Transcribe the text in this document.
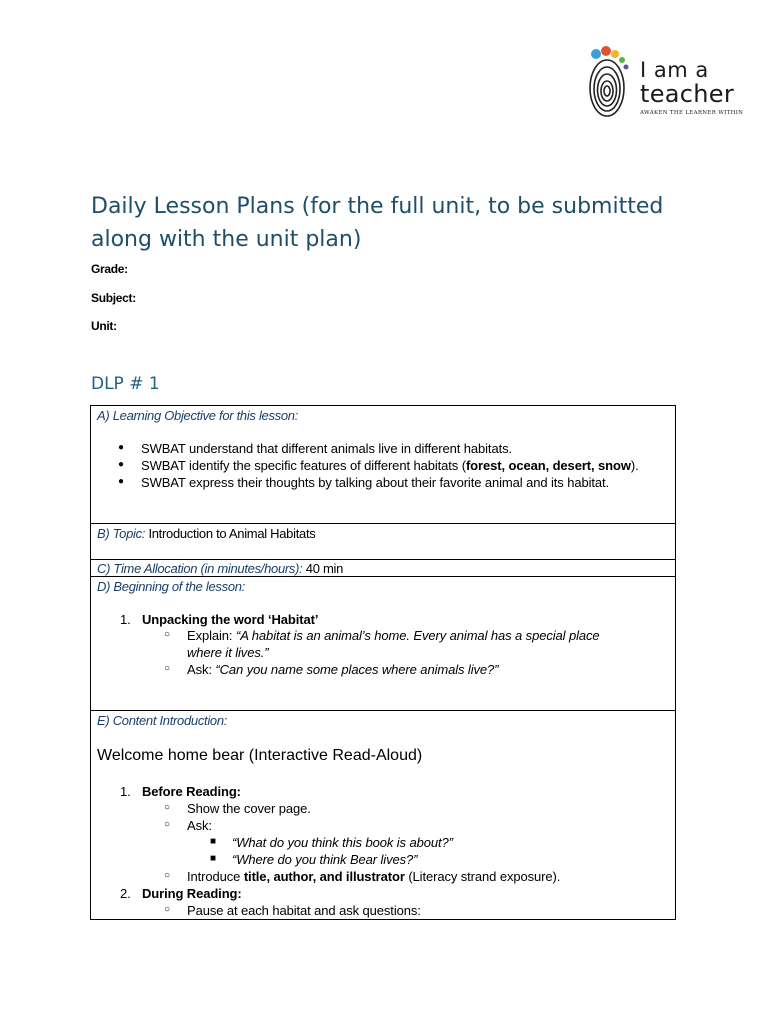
I am a
teacher
AWAKEN THE LEARNER WITHIN
Daily Lesson Plans (for the full unit, to be submitted along with the unit plan)
Grade:
Subject:
Unit:
DLP # 1
A) Learning Objective for this lesson:
● SWBAT understand that different animals live in different habitats.
● SWBAT identify the specific features of different habitats (forest, ocean, desert, snow).
● SWBAT express their thoughts by talking about their favorite animal and its habitat.
B) Topic: Introduction to Animal Habitats
C) Time Allocation (in minutes/hours): 40 min
D) Beginning of the lesson:
1. Unpacking the word ‘Habitat’
○ Explain: “A habitat is an animal’s home. Every animal has a special place
where it lives.”
○ Ask: “Can you name some places where animals live?”
E) Content Introduction:
Welcome home bear (Interactive Read-Aloud)
1. Before Reading:
○ Show the cover page.
○ Ask:
■ “What do you think this book is about?”
■ “Where do you think Bear lives?”
○ Introduce title, author, and illustrator (Literacy strand exposure).
2. During Reading:
○ Pause at each habitat and ask questions:
